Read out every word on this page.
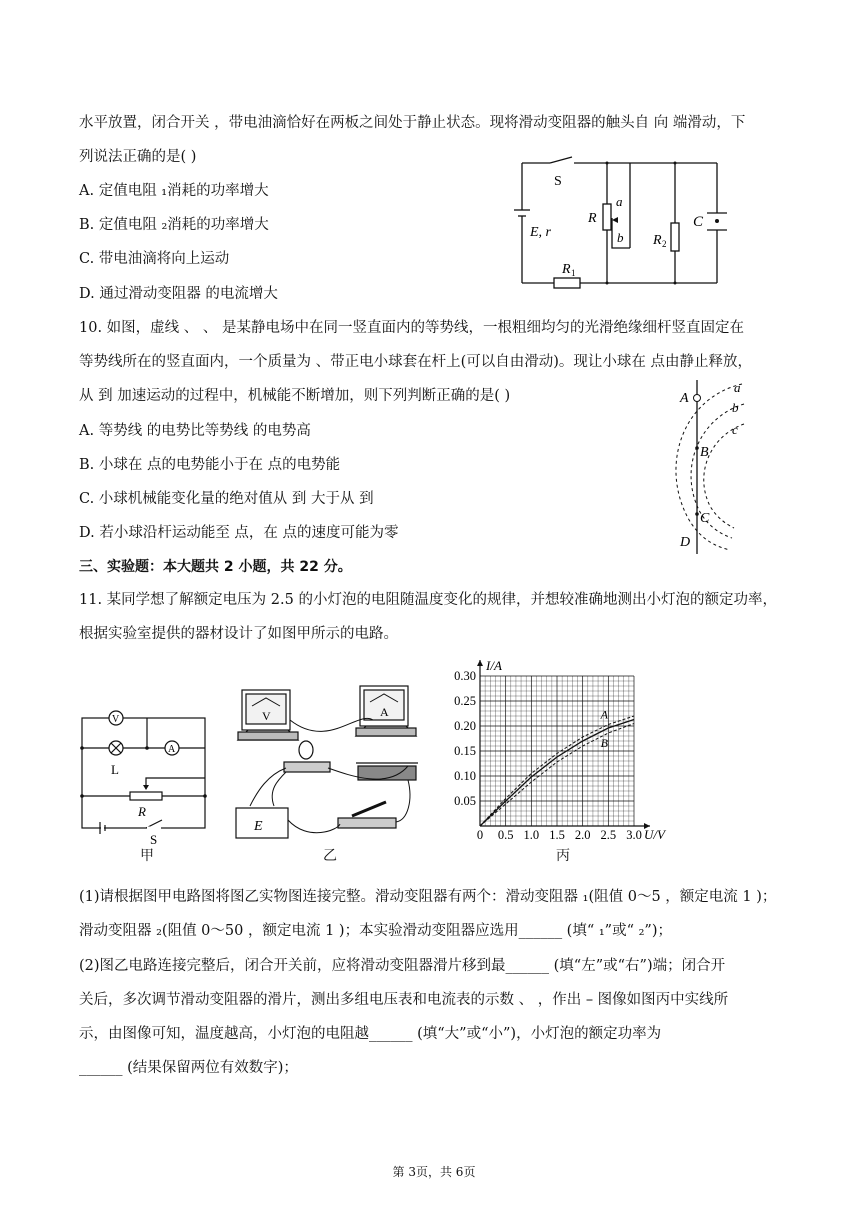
水平放置，闭合开关 ，带电油滴恰好在两板之间处于静止状态。现将滑动变阻器的触头自 向 端滑动，下
列说法正确的是( )
A. 定值电阻 ₁消耗的功率增大
B. 定值电阻 ₂消耗的功率增大
C. 带电油滴将向上运动
D. 通过滑动变阻器 的电流增大
S
E, r
R
a
b
R 1
R 2
C
10. 如图，虚线 、 、 是某静电场中在同一竖直面内的等势线，一根粗细均匀的光滑绝缘细杆竖直固定在
等势线所在的竖直面内，一个质量为 、带正电小球套在杆上(可以自由滑动)。现让小球在 点由静止释放，
从 到 加速运动的过程中，机械能不断增加，则下列判断正确的是( )
A. 等势线 的电势比等势线 的电势高
B. 小球在 点的电势能小于在 点的电势能
C. 小球机械能变化量的绝对值从 到 大于从 到
D. 若小球沿杆运动能至 点，在 点的速度可能为零
A
B
C
D
a
b
c
三、实验题：本大题共 2 小题，共 22 分。
11. 某同学想了解额定电压为 2.5 的小灯泡的电阻随温度变化的规律，并想较准确地测出小灯泡的额定功率，
根据实验室提供的器材设计了如图甲所示的电路。
V
A
L
R
S
甲
V	A
E
乙
I/A
U/V
A
B
0 0.5 1.0 1.5 2.0 2.5 3.0
0.05
0.10
0.15
0.20
0.25
0.30
丙
(1)请根据图甲电路图将图乙实物图连接完整。滑动变阻器有两个：滑动变阻器 ₁(阻值 0～5 ，额定电流 1 )；
滑动变阻器 ₂(阻值 0～50 ，额定电流 1 )；本实验滑动变阻器应选用______ (填“ ₁”或“ ₂”)；
(2)图乙电路连接完整后，闭合开关前，应将滑动变阻器滑片移到最______ (填“左”或“右”)端；闭合开
关后，多次调节滑动变阻器的滑片，测出多组电压表和电流表的示数 、 ，作出 – 图像如图丙中实线所
示，由图像可知，温度越高，小灯泡的电阻越______ (填“大”或“小”)，小灯泡的额定功率为
______ (结果保留两位有效数字)；
第 3页，共 6页
